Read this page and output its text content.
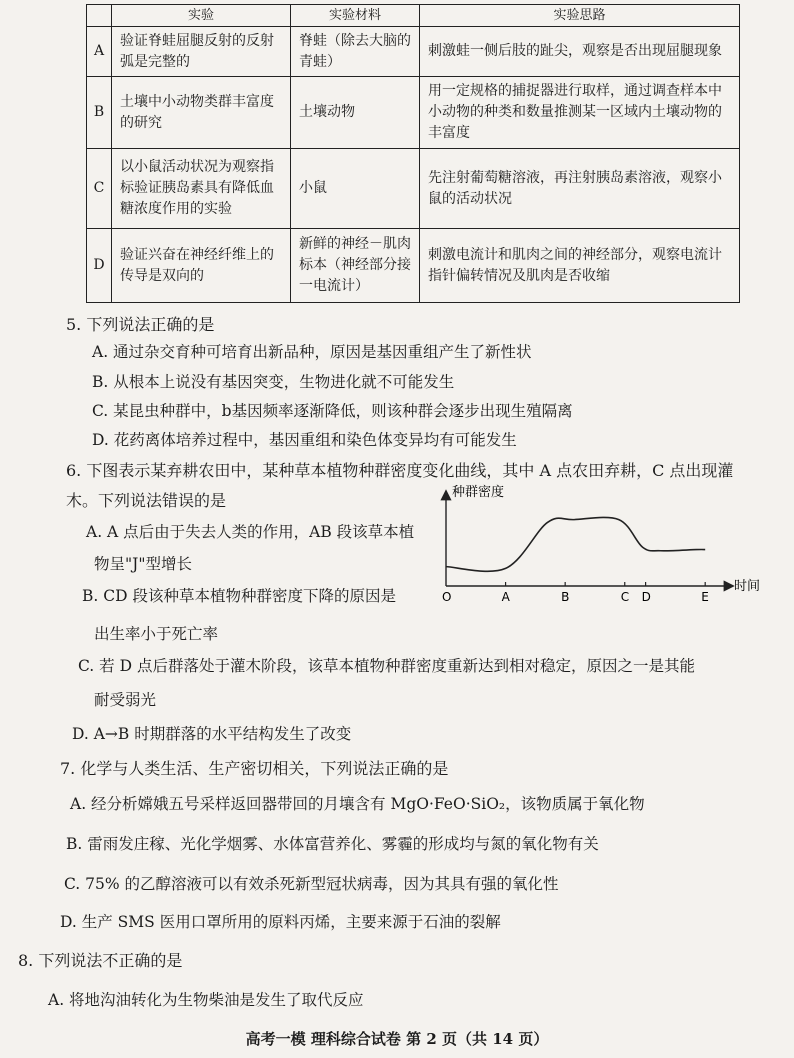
	实验	实验材料	实验思路
A	验证脊蛙屈腿反射的反射弧是完整的	脊蛙（除去大脑的青蛙）	刺激蛙一侧后肢的趾尖，观察是否出现屈腿现象
B	土壤中小动物类群丰富度的研究	土壤动物	用一定规格的捕捉器进行取样，通过调查样本中小动物的种类和数量推测某一区域内土壤动物的丰富度
C	以小鼠活动状况为观察指标验证胰岛素具有降低血糖浓度作用的实验	小鼠	先注射葡萄糖溶液，再注射胰岛素溶液，观察小鼠的活动状况
D	验证兴奋在神经纤维上的传导是双向的	新鲜的神经－肌肉标本（神经部分接一电流计）	刺激电流计和肌肉之间的神经部分，观察电流计指针偏转情况及肌肉是否收缩
5. 下列说法正确的是
A. 通过杂交育种可培育出新品种，原因是基因重组产生了新性状
B. 从根本上说没有基因突变，生物进化就不可能发生
C. 某昆虫种群中，b基因频率逐渐降低，则该种群会逐步出现生殖隔离
D. 花药离体培养过程中，基因重组和染色体变异均有可能发生
6. 下图表示某弃耕农田中，某种草本植物种群密度变化曲线，其中 A 点农田弃耕，C 点出现灌
木。下列说法错误的是
A. A 点后由于失去人类的作用，AB 段该草本植
物呈"J"型增长
B. CD 段该种草本植物种群密度下降的原因是
出生率小于死亡率
C. 若 D 点后群落处于灌木阶段，该草本植物种群密度重新达到相对稳定，原因之一是其能
耐受弱光
D. A→B 时期群落的水平结构发生了改变
种群密度
时间
O	A	B	C D	E
7. 化学与人类生活、生产密切相关，下列说法正确的是
A. 经分析嫦娥五号采样返回器带回的月壤含有 MgO·FeO·SiO₂，该物质属于氧化物
B. 雷雨发庄稼、光化学烟雾、水体富营养化、雾霾的形成均与氮的氧化物有关
C. 75% 的乙醇溶液可以有效杀死新型冠状病毒，因为其具有强的氧化性
D. 生产 SMS 医用口罩所用的原料丙烯，主要来源于石油的裂解
8. 下列说法不正确的是
A. 将地沟油转化为生物柴油是发生了取代反应
高考一模 理科综合试卷 第 2 页（共 14 页）
